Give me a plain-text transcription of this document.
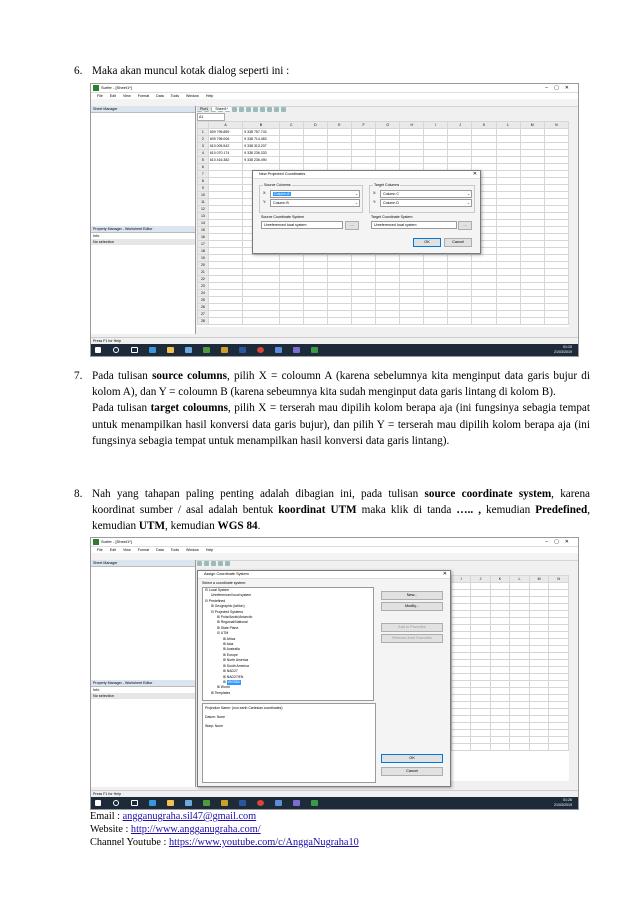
6. Maka akan muncul kotak dialog seperti ini :
Surfer - [Sheet1*]	–▢✕
File Edit View Format Data Tools Window Help
Sheet Manager
Property Manager - Worksheet Editor
Info
No selection
Plot1 Sheet1*
A1
	A	B	C	D	E	F	G	H	I	J	K	L	M	N
1	609 795.859	9 338 757.743												
2	609 796.006	9 338 714.463												
3	610 005.542	9 338 313.207												
4	610 070.174	9 338 236.333												
5	610 416.382	9 338 236.490												
6														
7														
8														
9														
10														
11														
12														
13														
14														
15														
16														
17														
18														
19														
20														
21														
22														
23														
24														
25														
26														
27														
28														
New Projected Coordinates	✕
Source Columns
X:	Column A	⌄
Y:	Column B	⌄
Target Columns
X:	Column C	⌄
Y:	Column D	⌄
Source Coordinate System
Unreferenced local system	...
Target Coordinate System
Unreferenced local system	...
OK	Cancel
Press F1 for Help
01:10
21/03/2019
7. Pada tulisan source columns, pilih X = coloumn A (karena sebelumnya kita menginput data garis bujur di kolom A), dan Y = coloumn B (karena sebeumnya kita sudah menginput data garis lintang di kolom B).
Pada tulisan target coloumns, pilih X = terserah mau dipilih kolom berapa aja (ini fungsinya sebagia tempat untuk menampilkan hasil konversi data garis bujur), dan pilih Y = terserah mau dipilih kolom berapa aja (ini fungsinya sebagia tempat untuk menampilkan hasil konversi data garis lintang).
8. Nah yang tahapan paling penting adalah dibagian ini, pada tulisan source coordinate system, karena koordinat sumber / asal adalah bentuk koordinat UTM maka klik di tanda ….. , kemudian Predefined, kemudian UTM, kemudian WGS 84.
Surfer - [Sheet1*]	–▢✕
File Edit View Format Data Tools Window Help
Sheet Manager
Property Manager - Worksheet Editor
Info
No selection
I	J	K	L	M	N

Assign Coordinate System	✕
Select a coordinate system:
⊟ Local System
Unreferenced local system
⊟ Predefined
⊞ Geographic (lat/lon)
⊟ Projected Systems
⊞ Polar/Arctic/Antarctic
⊞ Regional/National
⊞ State Plane
⊟ UTM
⊞ Africa
⊞ Asia
⊞ Australia
⊞ Europe
⊞ North America
⊞ South America
⊞ NAD27
⊞ NAD27/EN
⊞ WGS84
⊞ World
⊞ Templates
New...
Modify...
Add to Favorites
Remove from Favorites
Projection Name: (non earth Cartesian coordinates)
Datum: None
Warp: None
OK
Cancel
Press F1 for Help
01:26
21/03/2019
Email : angganugraha.sil47@gmail.com
Website : http://www.angganugraha.com/
Channel Youtube : https://www.youtube.com/c/AnggaNugraha10
